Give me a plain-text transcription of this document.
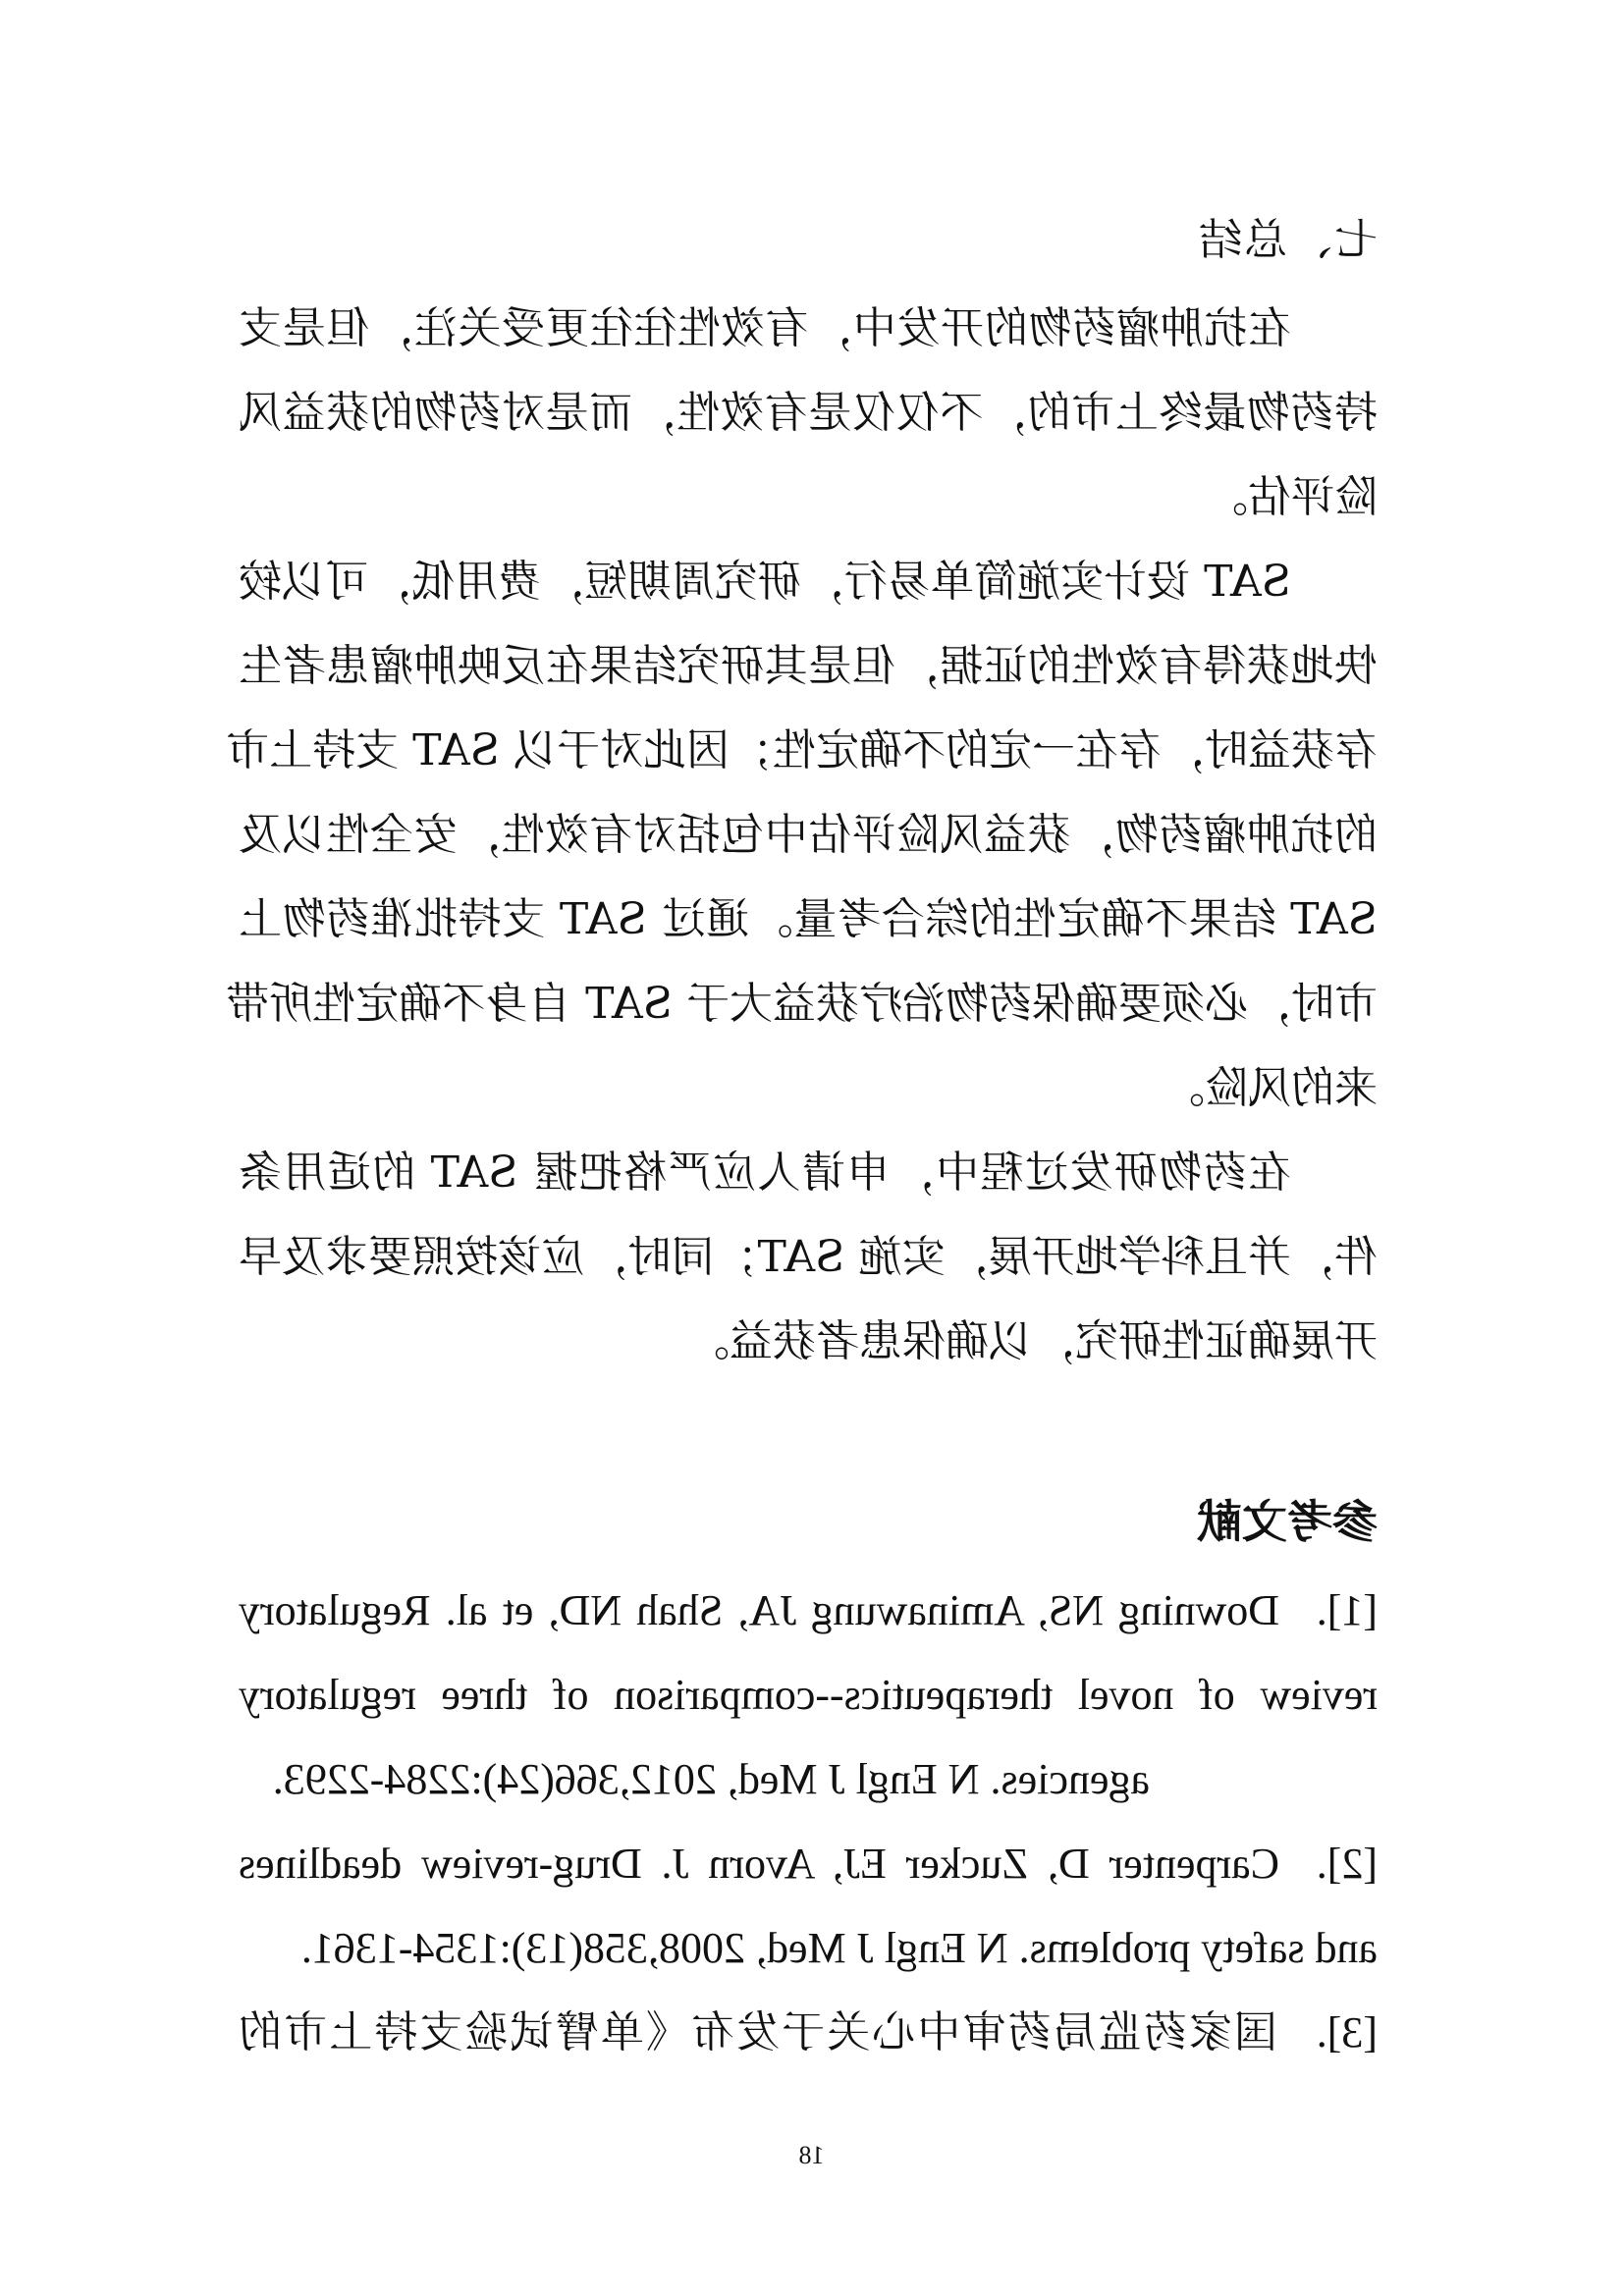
七、总结

在抗肿瘤药物的开发中，有效性往往更受关注，但是支
持药物最终上市的，不仅仅是有效性，而是对药物的获益风
险评估。

SAT 设计实施简单易行，研究周期短，费用低，可以较
快地获得有效性的证据，但是其研究结果在反映肿瘤患者生
存获益时，存在一定的不确定性；因此对于以 SAT 支持上市
的抗肿瘤药物，获益风险评估中包括对有效性，安全性以及
SAT 结果不确定性的综合考量。通过 SAT 支持批准药物上
市时，必须要确保药物治疗获益大于 SAT 自身不确定性所带
来的风险。

在药物研发过程中，申请人应严格把握 SAT 的适用条
件，并且科学地开展，实施 SAT；同时，应该按照要求及早
开展确证性研究，以确保患者获益。

参考文献
[1].Downing NS, Aminawung JA, Shah ND, et al. Regulatory
review of novel therapeutics--comparison of three regulatory
agencies. N Engl J Med, 2012,366(24):2284-2293.
[2].Carpenter D, Zucker EJ, Avorn J. Drug-review deadlines
and safety problems. N Engl J Med, 2008,358(13):1354-1361.
[3].国家药监局药审中心关于发布《单臂试验支持上市的
18
